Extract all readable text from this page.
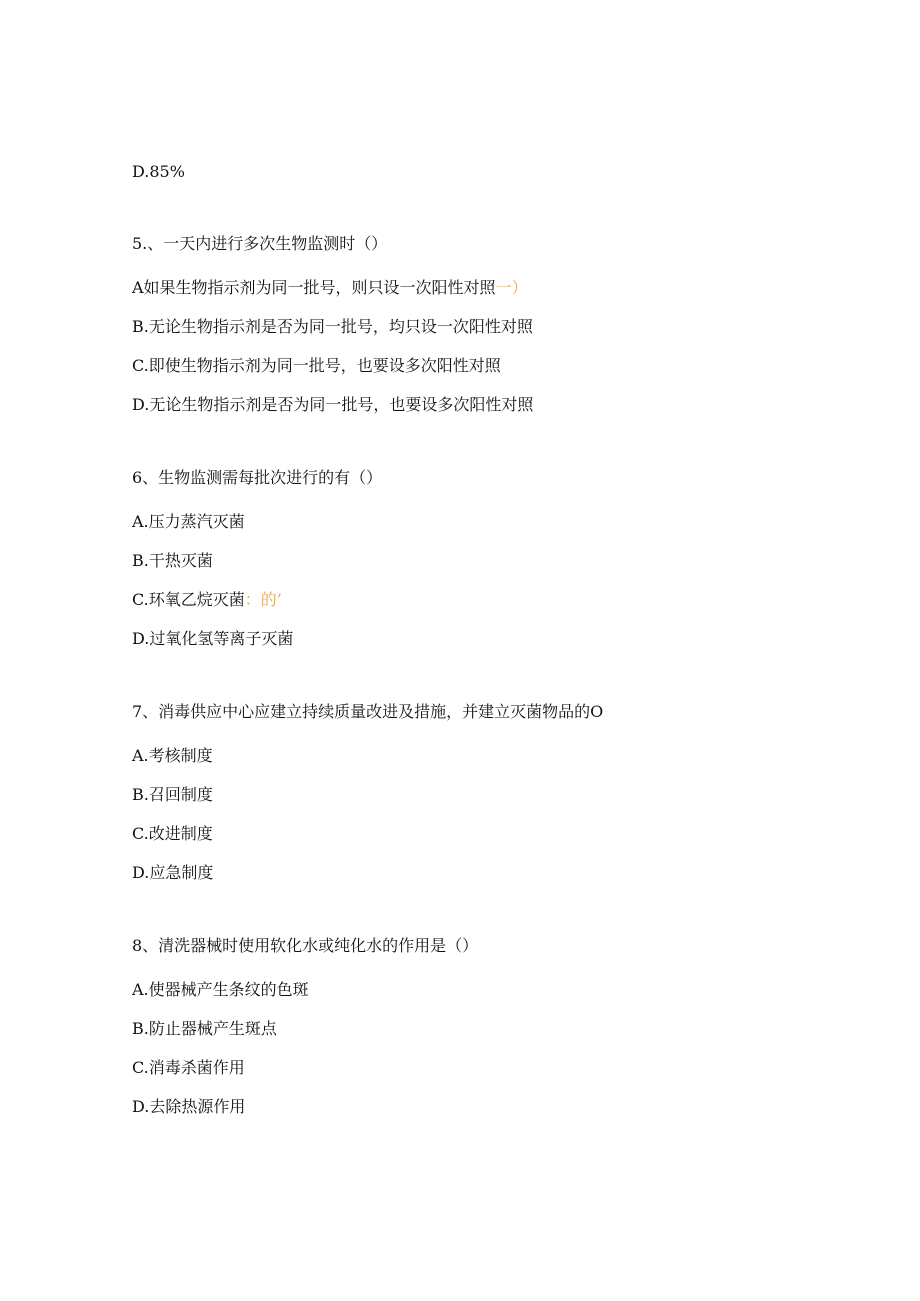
D.85%
5.、一天内进行多次生物监测时（）
A如果生物指示剂为同一批号，则只设一次阳性对照一）
B.无论生物指示剂是否为同一批号，均只设一次阳性对照
C.即使生物指示剂为同一批号，也要设多次阳性对照
D.无论生物指示剂是否为同一批号，也要设多次阳性对照
6、生物监测需每批次进行的有（）
A.压力蒸汽灭菌
B.干热灭菌
C.环氧乙烷灭菌：的’
D.过氧化氢等离子灭菌
7、消毒供应中心应建立持续质量改进及措施，并建立灭菌物品的O
A.考核制度
B.召回制度
C.改进制度
D.应急制度
8、清洗器械时使用软化水或纯化水的作用是（）
A.使器械产生条纹的色斑
B.防止器械产生斑点
C.消毒杀菌作用
D.去除热源作用
